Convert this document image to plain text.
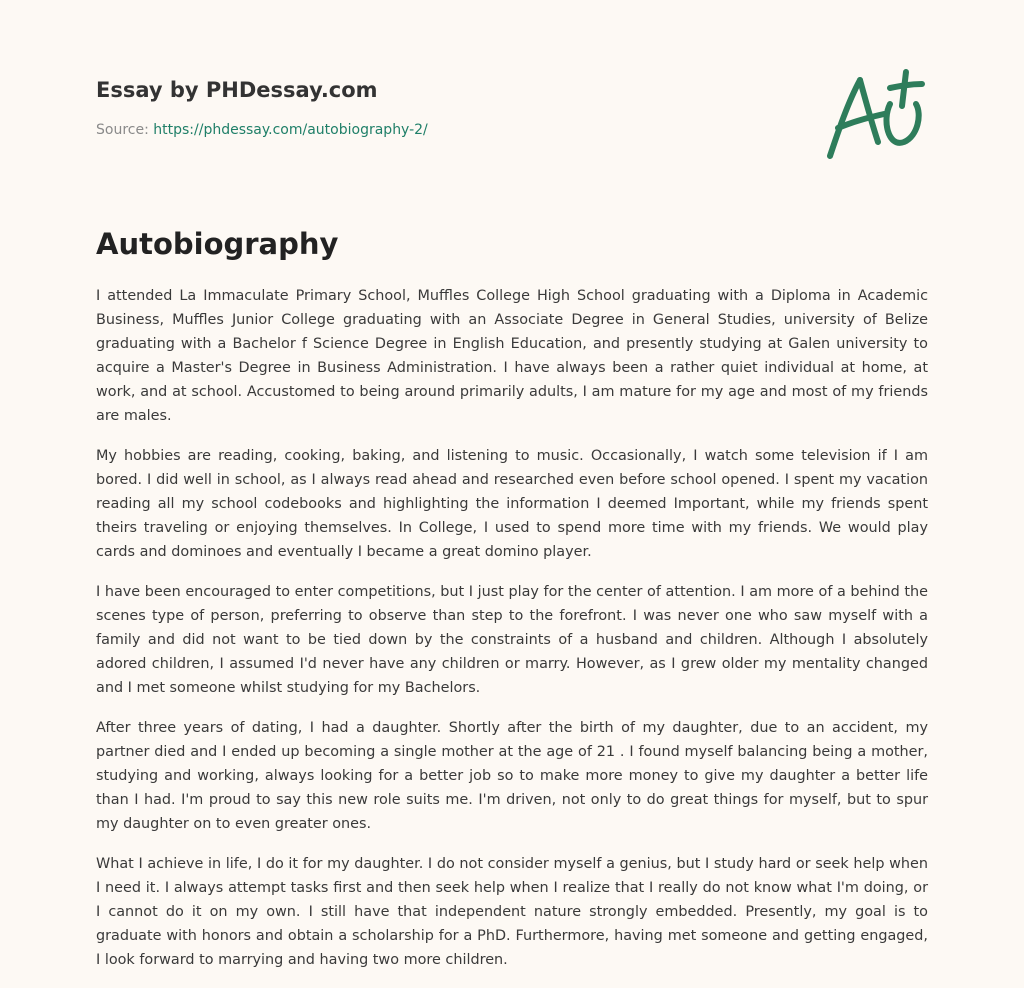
Essay by PHDessay.com
Source: https://phdessay.com/autobiography-2/
Autobiography

I attended La Immaculate Primary School, Muffles College High School graduating with a Diploma in Academic Business, Muffles Junior College graduating with an Associate Degree in General Studies, university of Belize graduating with a Bachelor f Science Degree in English Education, and presently studying at Galen university to acquire a Master's Degree in Business Administration. I have always been a rather quiet individual at home, at work, and at school. Accustomed to being around primarily adults, I am mature for my age and most of my friends are males.

My hobbies are reading, cooking, baking, and listening to music. Occasionally, I watch some television if I am bored. I did well in school, as I always read ahead and researched even before school opened. I spent my vacation reading all my school codebooks and highlighting the information I deemed Important, while my friends spent theirs traveling or enjoying themselves. In College, I used to spend more time with my friends. We would play cards and dominoes and eventually I became a great domino player.

I have been encouraged to enter competitions, but I just play for the center of attention. I am more of a behind the scenes type of person, preferring to observe than step to the forefront. I was never one who saw myself with a family and did not want to be tied down by the constraints of a husband and children. Although I absolutely adored children, I assumed I'd never have any children or marry. However, as I grew older my mentality changed and I met someone whilst studying for my Bachelors.

After three years of dating, I had a daughter. Shortly after the birth of my daughter, due to an accident, my partner died and I ended up becoming a single mother at the age of 21 . I found myself balancing being a mother, studying and working, always looking for a better job so to make more money to give my daughter a better life than I had. I'm proud to say this new role suits me. I'm driven, not only to do great things for myself, but to spur my daughter on to even greater ones.

What I achieve in life, I do it for my daughter. I do not consider myself a genius, but I study hard or seek help when I need it. I always attempt tasks first and then seek help when I realize that I really do not know what I'm doing, or I cannot do it on my own. I still have that independent nature strongly embedded. Presently, my goal is to graduate with honors and obtain a scholarship for a PhD. Furthermore, having met someone and getting engaged, I look forward to marrying and having two more children.
